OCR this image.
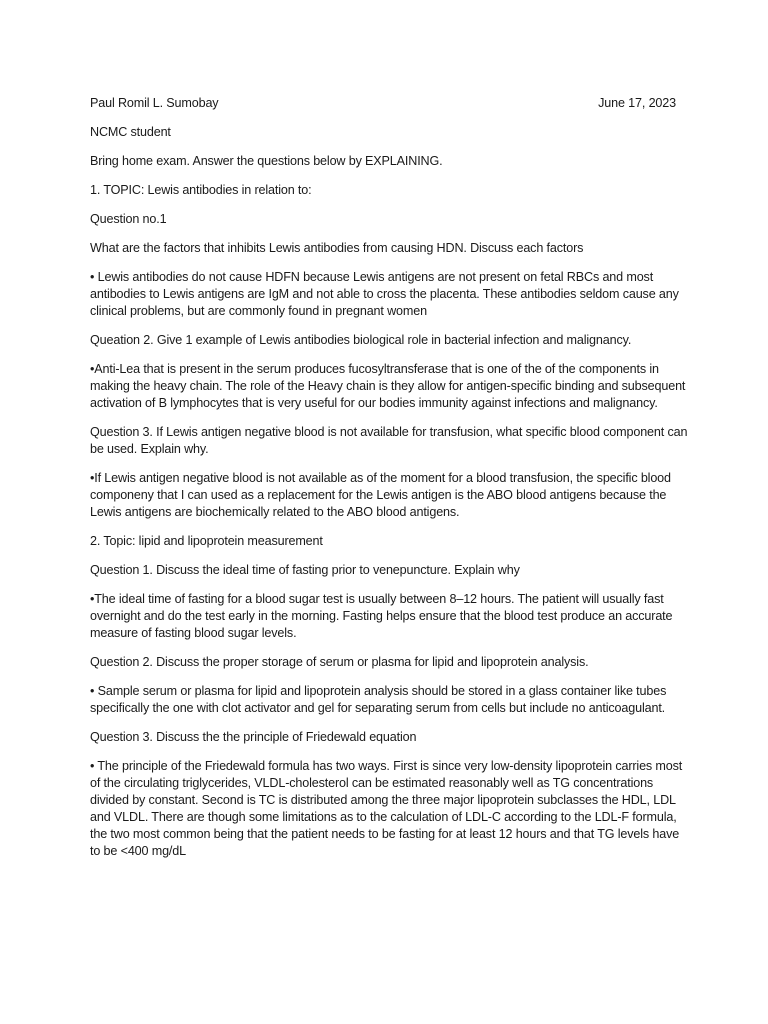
Paul Romil L. Sumobay	June 17, 2023

NCMC student

Bring home exam. Answer the questions below by EXPLAINING.

1. TOPIC: Lewis antibodies in relation to:

Question no.1

What are the factors that inhibits Lewis antibodies from causing HDN. Discuss each factors

• Lewis antibodies do not cause HDFN because Lewis antigens are not present on fetal RBCs and most antibodies to Lewis antigens are IgM and not able to cross the placenta. These antibodies seldom cause any clinical problems, but are commonly found in pregnant women

Queation 2. Give 1 example of Lewis antibodies biological role in bacterial infection and malignancy.

•Anti-Lea that is present in the serum produces fucosyltransferase that is one of the of the components in making the heavy chain. The role of the Heavy chain is they allow for antigen-specific binding and subsequent activation of B lymphocytes that is very useful for our bodies immunity against infections and malignancy.

Question 3. If Lewis antigen negative blood is not available for transfusion, what specific blood component can be used. Explain why.

•If Lewis antigen negative blood is not available as of the moment for a blood transfusion, the specific blood componeny that I can used as a replacement for the Lewis antigen is the ABO blood antigens because the Lewis antigens are biochemically related to the ABO blood antigens.

2. Topic: lipid and lipoprotein measurement

Question 1. Discuss the ideal time of fasting prior to venepuncture. Explain why

•The ideal time of fasting for a blood sugar test is usually between 8–12 hours. The patient will usually fast overnight and do the test early in the morning. Fasting helps ensure that the blood test produce an accurate measure of fasting blood sugar levels.

Question 2. Discuss the proper storage of serum or plasma for lipid and lipoprotein analysis.

• Sample serum or plasma for lipid and lipoprotein analysis should be stored in a glass container like tubes specifically the one with clot activator and gel for separating serum from cells but include no anticoagulant.

Question 3. Discuss the the principle of Friedewald equation

• The principle of the Friedewald formula has two ways. First is since very low-density lipoprotein carries most of the circulating triglycerides, VLDL-cholesterol can be estimated reasonably well as TG concentrations divided by constant. Second is TC is distributed among the three major lipoprotein subclasses the HDL, LDL and VLDL. There are though some limitations as to the calculation of LDL-C according to the LDL-F formula, the two most common being that the patient needs to be fasting for at least 12 hours and that TG levels have to be <400 mg/dL
